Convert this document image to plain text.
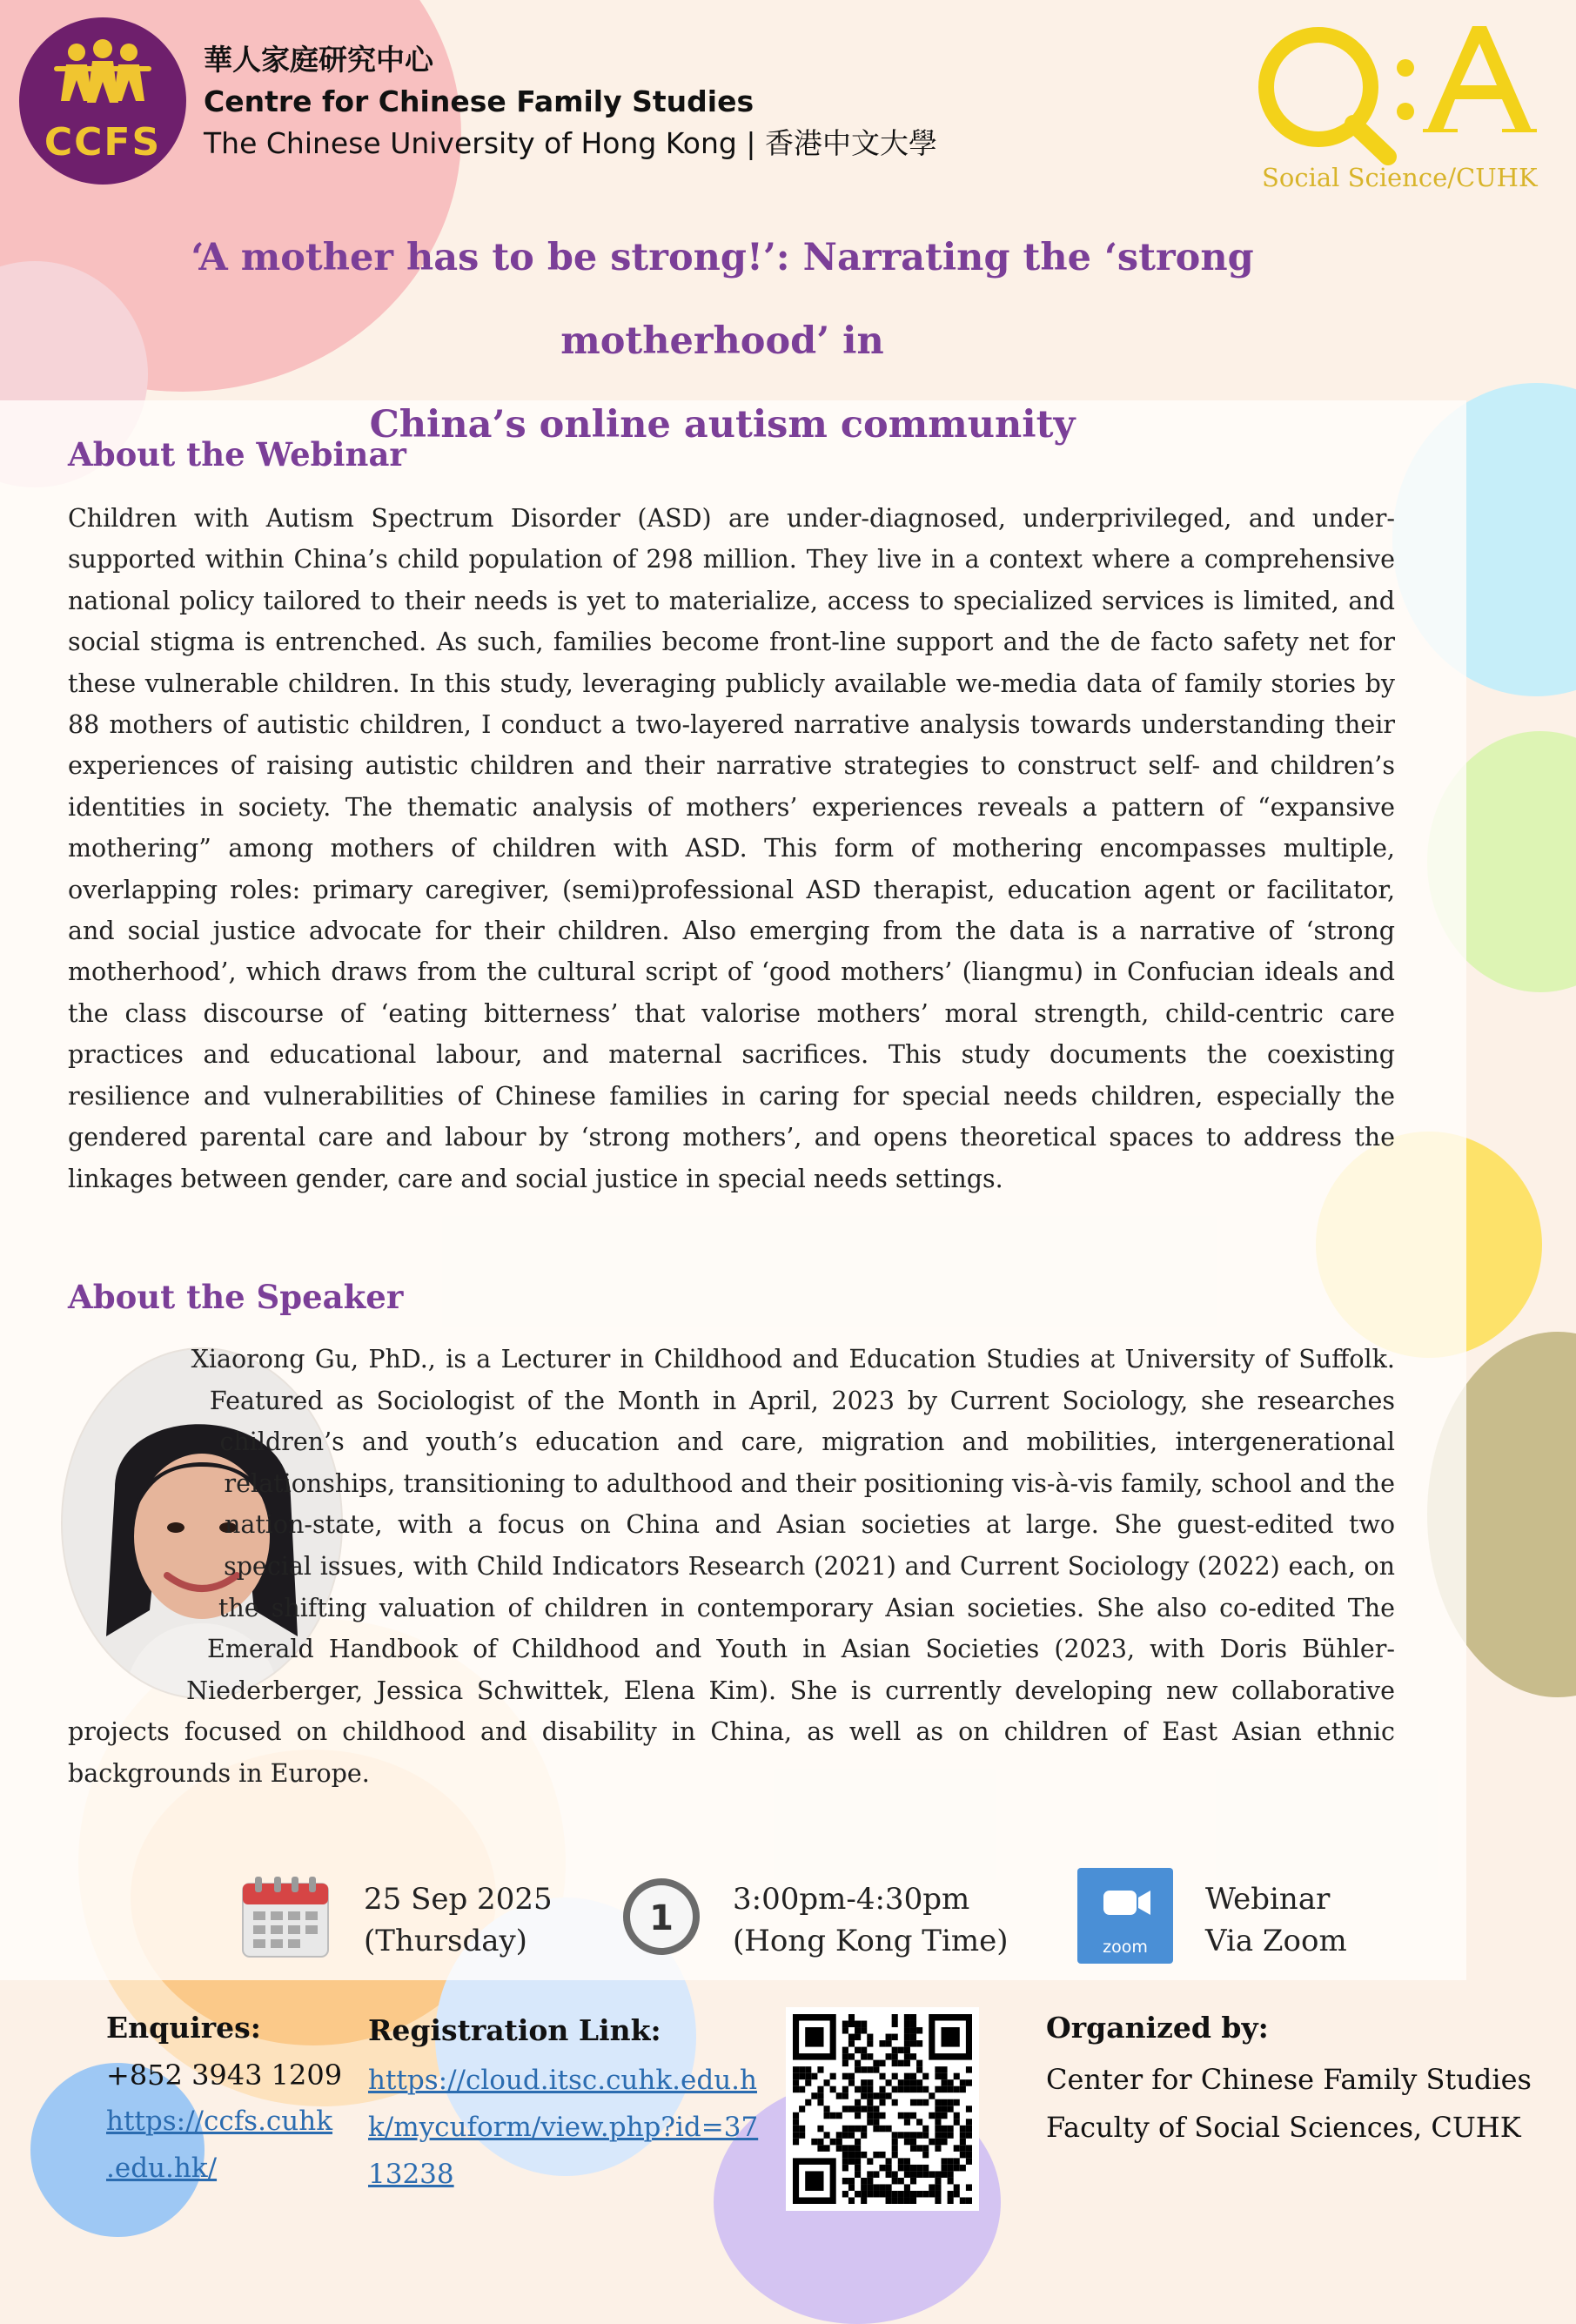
CCFS
華人家庭研究中心
Centre for Chinese Family Studies
The Chinese University of Hong Kong | 香港中文大學
Social Science/CUHK
‘A mother has to be strong!’: Narrating the ‘strong motherhood’ in
China’s online autism community
About the Webinar
Children with Autism Spectrum Disorder (ASD) are under-diagnosed, underprivileged, and under-supported within China’s child population of 298 million. They live in a context where a comprehensive national policy tailored to their needs is yet to materialize, access to specialized services is limited, and social stigma is entrenched. As such, families become front-line support and the de facto safety net for these vulnerable children. In this study, leveraging publicly available we-media data of family stories by 88 mothers of autistic children, I conduct a two-layered narrative analysis towards understanding their experiences of raising autistic children and their narrative strategies to construct self- and children’s identities in society. The thematic analysis of mothers’ experiences reveals a pattern of “expansive mothering” among mothers of children with ASD. This form of mothering encompasses multiple, overlapping roles: primary caregiver, (semi)professional ASD therapist, education agent or facilitator, and social justice advocate for their children. Also emerging from the data is a narrative of ‘strong motherhood’, which draws from the cultural script of ‘good mothers’ (liangmu) in Confucian ideals and the class discourse of ‘eating bitterness’ that valorise mothers’ moral strength, child-centric care practices and educational labour, and maternal sacrifices. This study documents the coexisting resilience and vulnerabilities of Chinese families in caring for special needs children, especially the gendered parental care and labour by ‘strong mothers’, and opens theoretical spaces to address the linkages between gender, care and social justice in special needs settings.
About the Speaker
Xiaorong Gu, PhD., is a Lecturer in Childhood and Education Studies at University of Suffolk. Featured as Sociologist of the Month in April, 2023 by Current Sociology, she researches children’s and youth’s education and care, migration and mobilities, intergenerational relationships, transitioning to adulthood and their positioning vis-à-vis family, school and the nation-state, with a focus on China and Asian societies at large. She guest-edited two special issues, with Child Indicators Research (2021) and Current Sociology (2022) each, on the shifting valuation of children in contemporary Asian societies. She also co-edited The Emerald Handbook of Childhood and Youth in Asian Societies (2023, with Doris Bühler-Niederberger, Jessica Schwittek, Elena Kim). She is currently developing new collaborative projects focused on childhood and disability in China, as well as on children of East Asian ethnic backgrounds in Europe.
25 Sep 2025
(Thursday)
1 3:00pm-4:30pm
(Hong Kong Time)	zoom
Webinar
Via Zoom
Enquires:
+852 3943 1209
https://ccfs.cuhk
.edu.hk/
Registration Link:
https://cloud.itsc.cuhk.edu.h
k/mycuform/view.php?id=37
13238
Organized by:
Center for Chinese Family Studies
Faculty of Social Sciences, CUHK
